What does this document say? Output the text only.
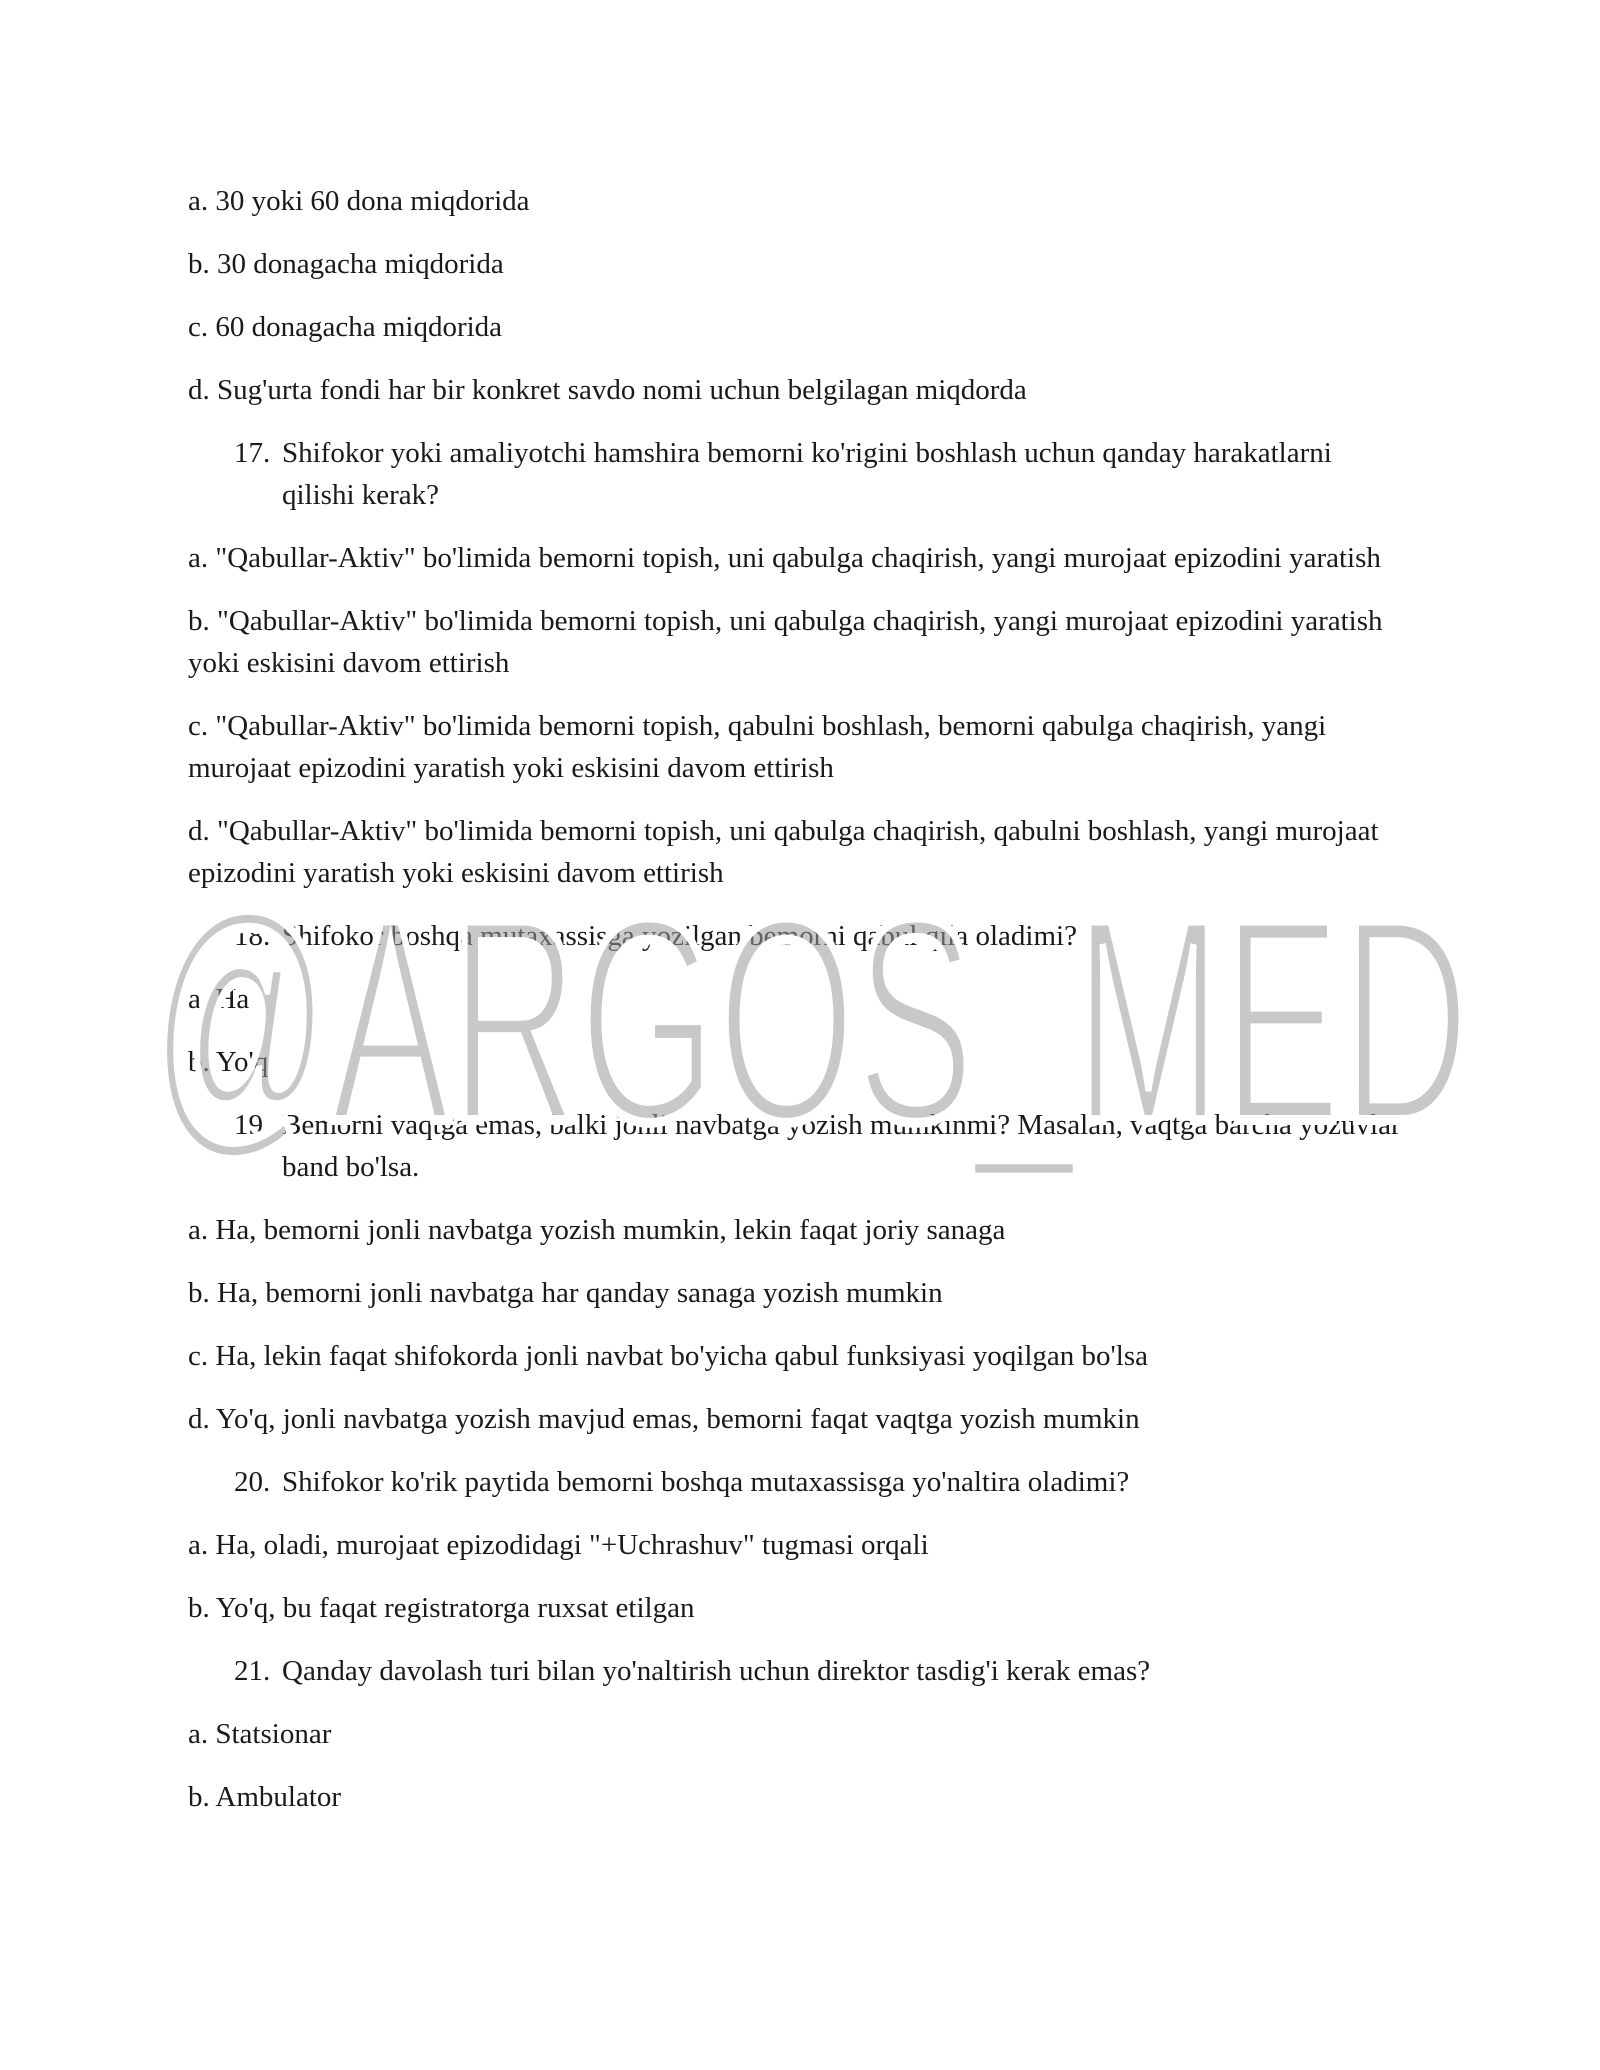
a. 30 yoki 60 dona miqdorida
b. 30 donagacha miqdorida
c. 60 donagacha miqdorida
d. Sug'urta fondi har bir konkret savdo nomi uchun belgilagan miqdorda
17. Shifokor yoki amaliyotchi hamshira bemorni ko'rigini boshlash uchun qanday harakatlarni qilishi kerak?
a. "Qabullar-Aktiv" bo'limida bemorni topish, uni qabulga chaqirish, yangi murojaat epizodini yaratish
b. "Qabullar-Aktiv" bo'limida bemorni topish, uni qabulga chaqirish, yangi murojaat epizodini yaratish yoki eskisini davom ettirish
c. "Qabullar-Aktiv" bo'limida bemorni topish, qabulni boshlash, bemorni qabulga chaqirish, yangi murojaat epizodini yaratish yoki eskisini davom ettirish
d. "Qabullar-Aktiv" bo'limida bemorni topish, uni qabulga chaqirish, qabulni boshlash, yangi murojaat epizodini yaratish yoki eskisini davom ettirish
18. Shifokor boshqa mutaxassisga yozilgan bemorni qabul qila oladimi?
a. Ha
b. Yo'q
19. Bemorni vaqtga emas, balki jonli navbatga yozish mumkinmi? Masalan, vaqtga barcha yozuvlar band bo'lsa.
a. Ha, bemorni jonli navbatga yozish mumkin, lekin faqat joriy sanaga
b. Ha, bemorni jonli navbatga har qanday sanaga yozish mumkin
c. Ha, lekin faqat shifokorda jonli navbat bo'yicha qabul funksiyasi yoqilgan bo'lsa
d. Yo'q, jonli navbatga yozish mavjud emas, bemorni faqat vaqtga yozish mumkin
20. Shifokor ko'rik paytida bemorni boshqa mutaxassisga yo'naltira oladimi?
a. Ha, oladi, murojaat epizodidagi "+Uchrashuv" tugmasi orqali
b. Yo'q, bu faqat registratorga ruxsat etilgan
21. Qanday davolash turi bilan yo'naltirish uchun direktor tasdig'i kerak emas?
a. Statsionar
b. Ambulator
@ARGOS_MED
@ARGOS_MED
